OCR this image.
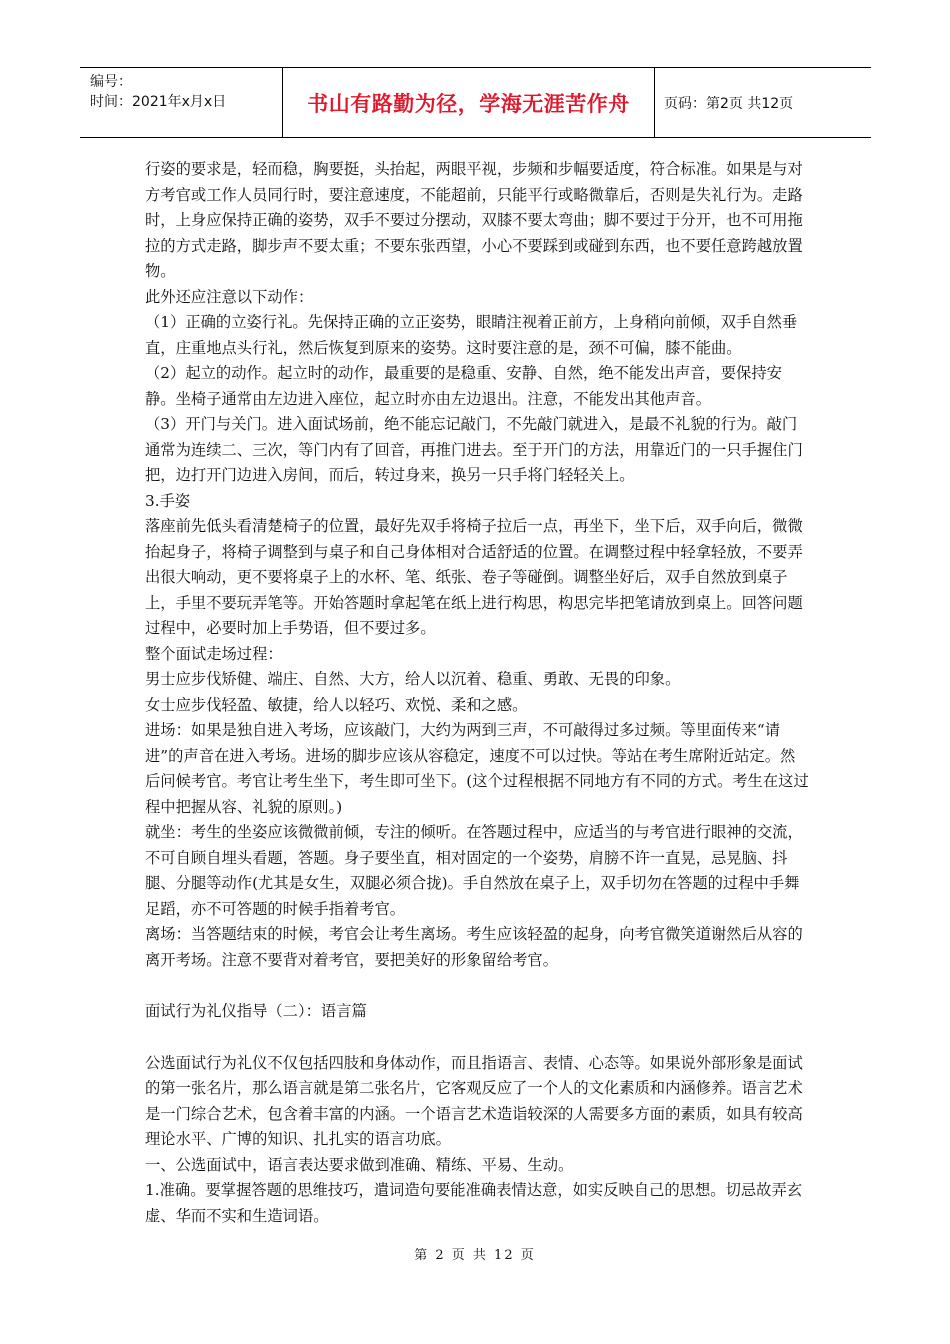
编号：
时间：2021年x月x日	书山有路勤为径，学海无涯苦作舟	页码：第2页 共12页

行姿的要求是，轻而稳，胸要挺，头抬起，两眼平视，步频和步幅要适度，符合标准。如果是与对方考官或工作人员同行时，要注意速度，不能超前，只能平行或略微靠后，否则是失礼行为。走路时，上身应保持正确的姿势，双手不要过分摆动，双膝不要太弯曲；脚不要过于分开，也不可用拖拉的方式走路，脚步声不要太重；不要东张西望，小心不要踩到或碰到东西，也不要任意跨越放置物。

此外还应注意以下动作：

（1）正确的立姿行礼。先保持正确的立正姿势，眼睛注视着正前方，上身稍向前倾，双手自然垂直，庄重地点头行礼，然后恢复到原来的姿势。这时要注意的是，颈不可偏，膝不能曲。

（2）起立的动作。起立时的动作，最重要的是稳重、安静、自然，绝不能发出声音，要保持安静。坐椅子通常由左边进入座位，起立时亦由左边退出。注意，不能发出其他声音。

（3）开门与关门。进入面试场前，绝不能忘记敲门，不先敲门就进入，是最不礼貌的行为。敲门通常为连续二、三次，等门内有了回音，再推门进去。至于开门的方法，用靠近门的一只手握住门把，边打开门边进入房间，而后，转过身来，换另一只手将门轻轻关上。

3.手姿

落座前先低头看清楚椅子的位置，最好先双手将椅子拉后一点，再坐下，坐下后，双手向后，微微抬起身子，将椅子调整到与桌子和自己身体相对合适舒适的位置。在调整过程中轻拿轻放，不要弄出很大响动，更不要将桌子上的水杯、笔、纸张、卷子等碰倒。调整坐好后，双手自然放到桌子上，手里不要玩弄笔等。开始答题时拿起笔在纸上进行构思，构思完毕把笔请放到桌上。回答问题过程中，必要时加上手势语，但不要过多。

整个面试走场过程：

男士应步伐矫健、端庄、自然、大方，给人以沉着、稳重、勇敢、无畏的印象。

女士应步伐轻盈、敏捷，给人以轻巧、欢悦、柔和之感。

进场：如果是独自进入考场，应该敲门，大约为两到三声，不可敲得过多过频。等里面传来“请进”的声音在进入考场。进场的脚步应该从容稳定，速度不可以过快。等站在考生席附近站定。然后问候考官。考官让考生坐下，考生即可坐下。(这个过程根据不同地方有不同的方式。考生在这过程中把握从容、礼貌的原则。)

就坐：考生的坐姿应该微微前倾，专注的倾听。在答题过程中，应适当的与考官进行眼神的交流，不可自顾自埋头看题，答题。身子要坐直，相对固定的一个姿势，肩膀不许一直晃，忌晃脑、抖腿、分腿等动作(尤其是女生，双腿必须合拢)。手自然放在桌子上，双手切勿在答题的过程中手舞足蹈，亦不可答题的时候手指着考官。

离场：当答题结束的时候，考官会让考生离场。考生应该轻盈的起身，向考官微笑道谢然后从容的离开考场。注意不要背对着考官，要把美好的形象留给考官。

面试行为礼仪指导（二）：语言篇

公选面试行为礼仪不仅包括四肢和身体动作，而且指语言、表情、心态等。如果说外部形象是面试的第一张名片，那么语言就是第二张名片，它客观反应了一个人的文化素质和内涵修养。语言艺术是一门综合艺术，包含着丰富的内涵。一个语言艺术造诣较深的人需要多方面的素质，如具有较高理论水平、广博的知识、扎扎实的语言功底。

一、公选面试中，语言表达要求做到准确、精练、平易、生动。

1.准确。要掌握答题的思维技巧，遣词造句要能准确表情达意，如实反映自己的思想。切忌故弄玄虚、华而不实和生造词语。

第 2 页 共 12 页
